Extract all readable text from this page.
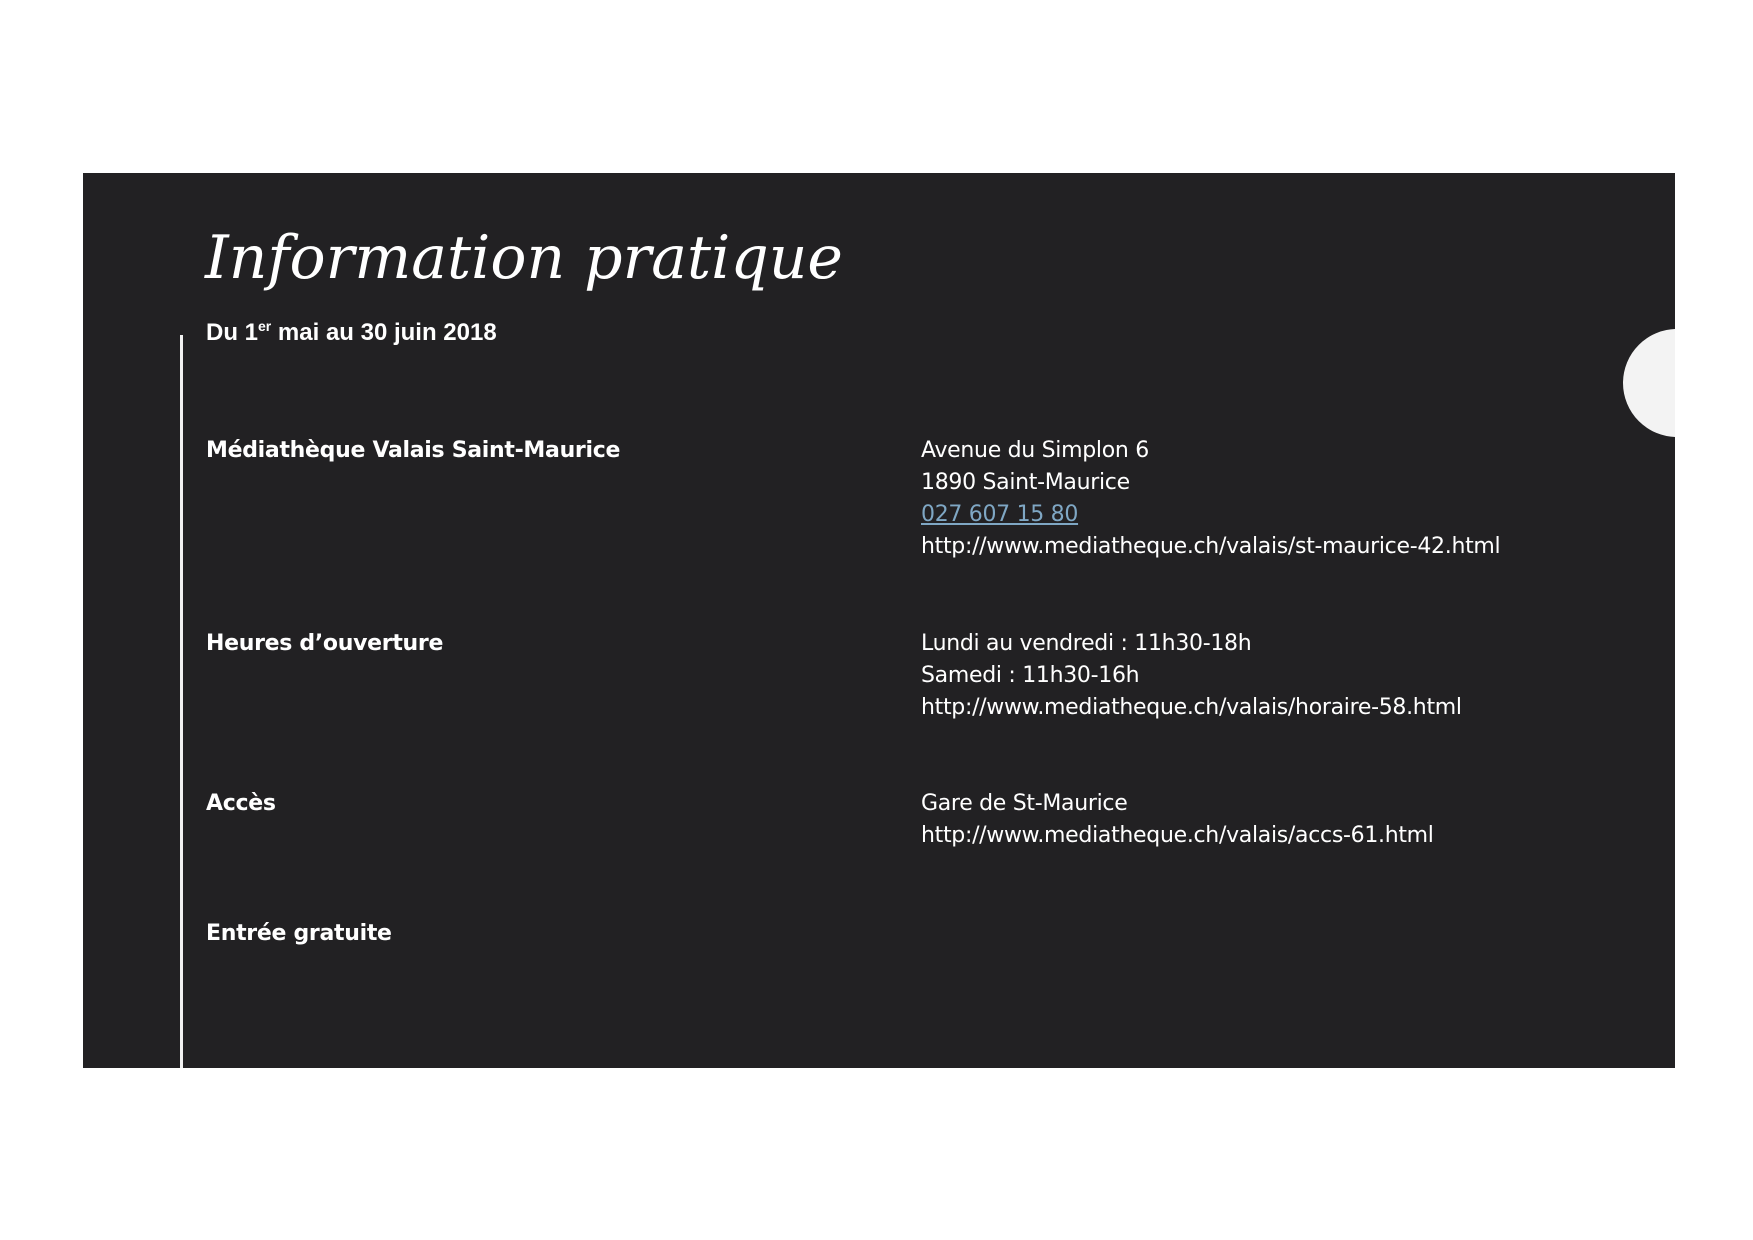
Information pratique

Du 1er mai au 30 juin 2018

Médiathèque Valais Saint-Maurice	Avenue du Simplon 6
1890 Saint-Maurice
027 607 15 80
http://www.mediatheque.ch/valais/st-maurice-42.html

Heures d’ouverture	Lundi au vendredi : 11h30-18h
Samedi : 11h30-16h
http://www.mediatheque.ch/valais/horaire-58.html

Accès	Gare de St-Maurice
http://www.mediatheque.ch/valais/accs-61.html

Entrée gratuite
